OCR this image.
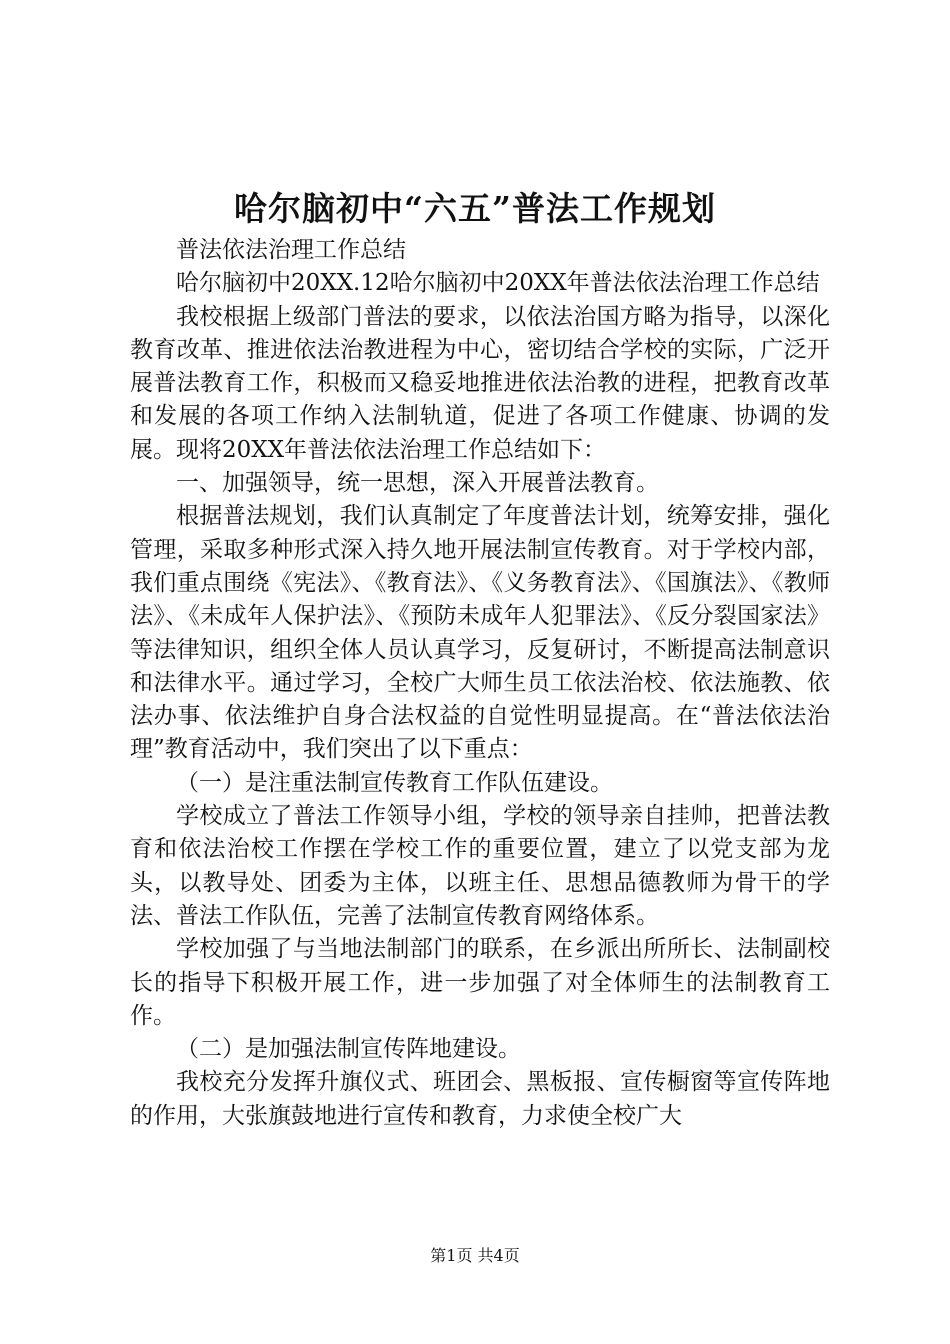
哈尔脑初中“六五”普法工作规划

普法依法治理工作总结

哈尔脑初中20XX.12哈尔脑初中20XX年普法依法治理工作总结

我校根据上级部门普法的要求，以依法治国方略为指导，以深化教育改革、推进依法治教进程为中心，密切结合学校的实际，广泛开展普法教育工作，积极而又稳妥地推进依法治教的进程，把教育改革和发展的各项工作纳入法制轨道，促进了各项工作健康、协调的发展。现将20XX年普法依法治理工作总结如下：

一、加强领导，统一思想，深入开展普法教育。

根据普法规划，我们认真制定了年度普法计划，统筹安排，强化管理，采取多种形式深入持久地开展法制宣传教育。对于学校内部，我们重点围绕《宪法》、《教育法》、《义务教育法》、《国旗法》、《教师法》、《未成年人保护法》、《预防未成年人犯罪法》、《反分裂国家法》等法律知识，组织全体人员认真学习，反复研讨，不断提高法制意识和法律水平。通过学习，全校广大师生员工依法治校、依法施教、依法办事、依法维护自身合法权益的自觉性明显提高。在“普法依法治理”教育活动中，我们突出了以下重点：

（一）是注重法制宣传教育工作队伍建设。

学校成立了普法工作领导小组，学校的领导亲自挂帅，把普法教育和依法治校工作摆在学校工作的重要位置，建立了以党支部为龙头，以教导处、团委为主体，以班主任、思想品德教师为骨干的学法、普法工作队伍，完善了法制宣传教育网络体系。

学校加强了与当地法制部门的联系，在乡派出所所长、法制副校长的指导下积极开展工作，进一步加强了对全体师生的法制教育工作。

（二）是加强法制宣传阵地建设。

我校充分发挥升旗仪式、班团会、黑板报、宣传橱窗等宣传阵地的作用，大张旗鼓地进行宣传和教育，力求使全校广大

第1页 共4页
